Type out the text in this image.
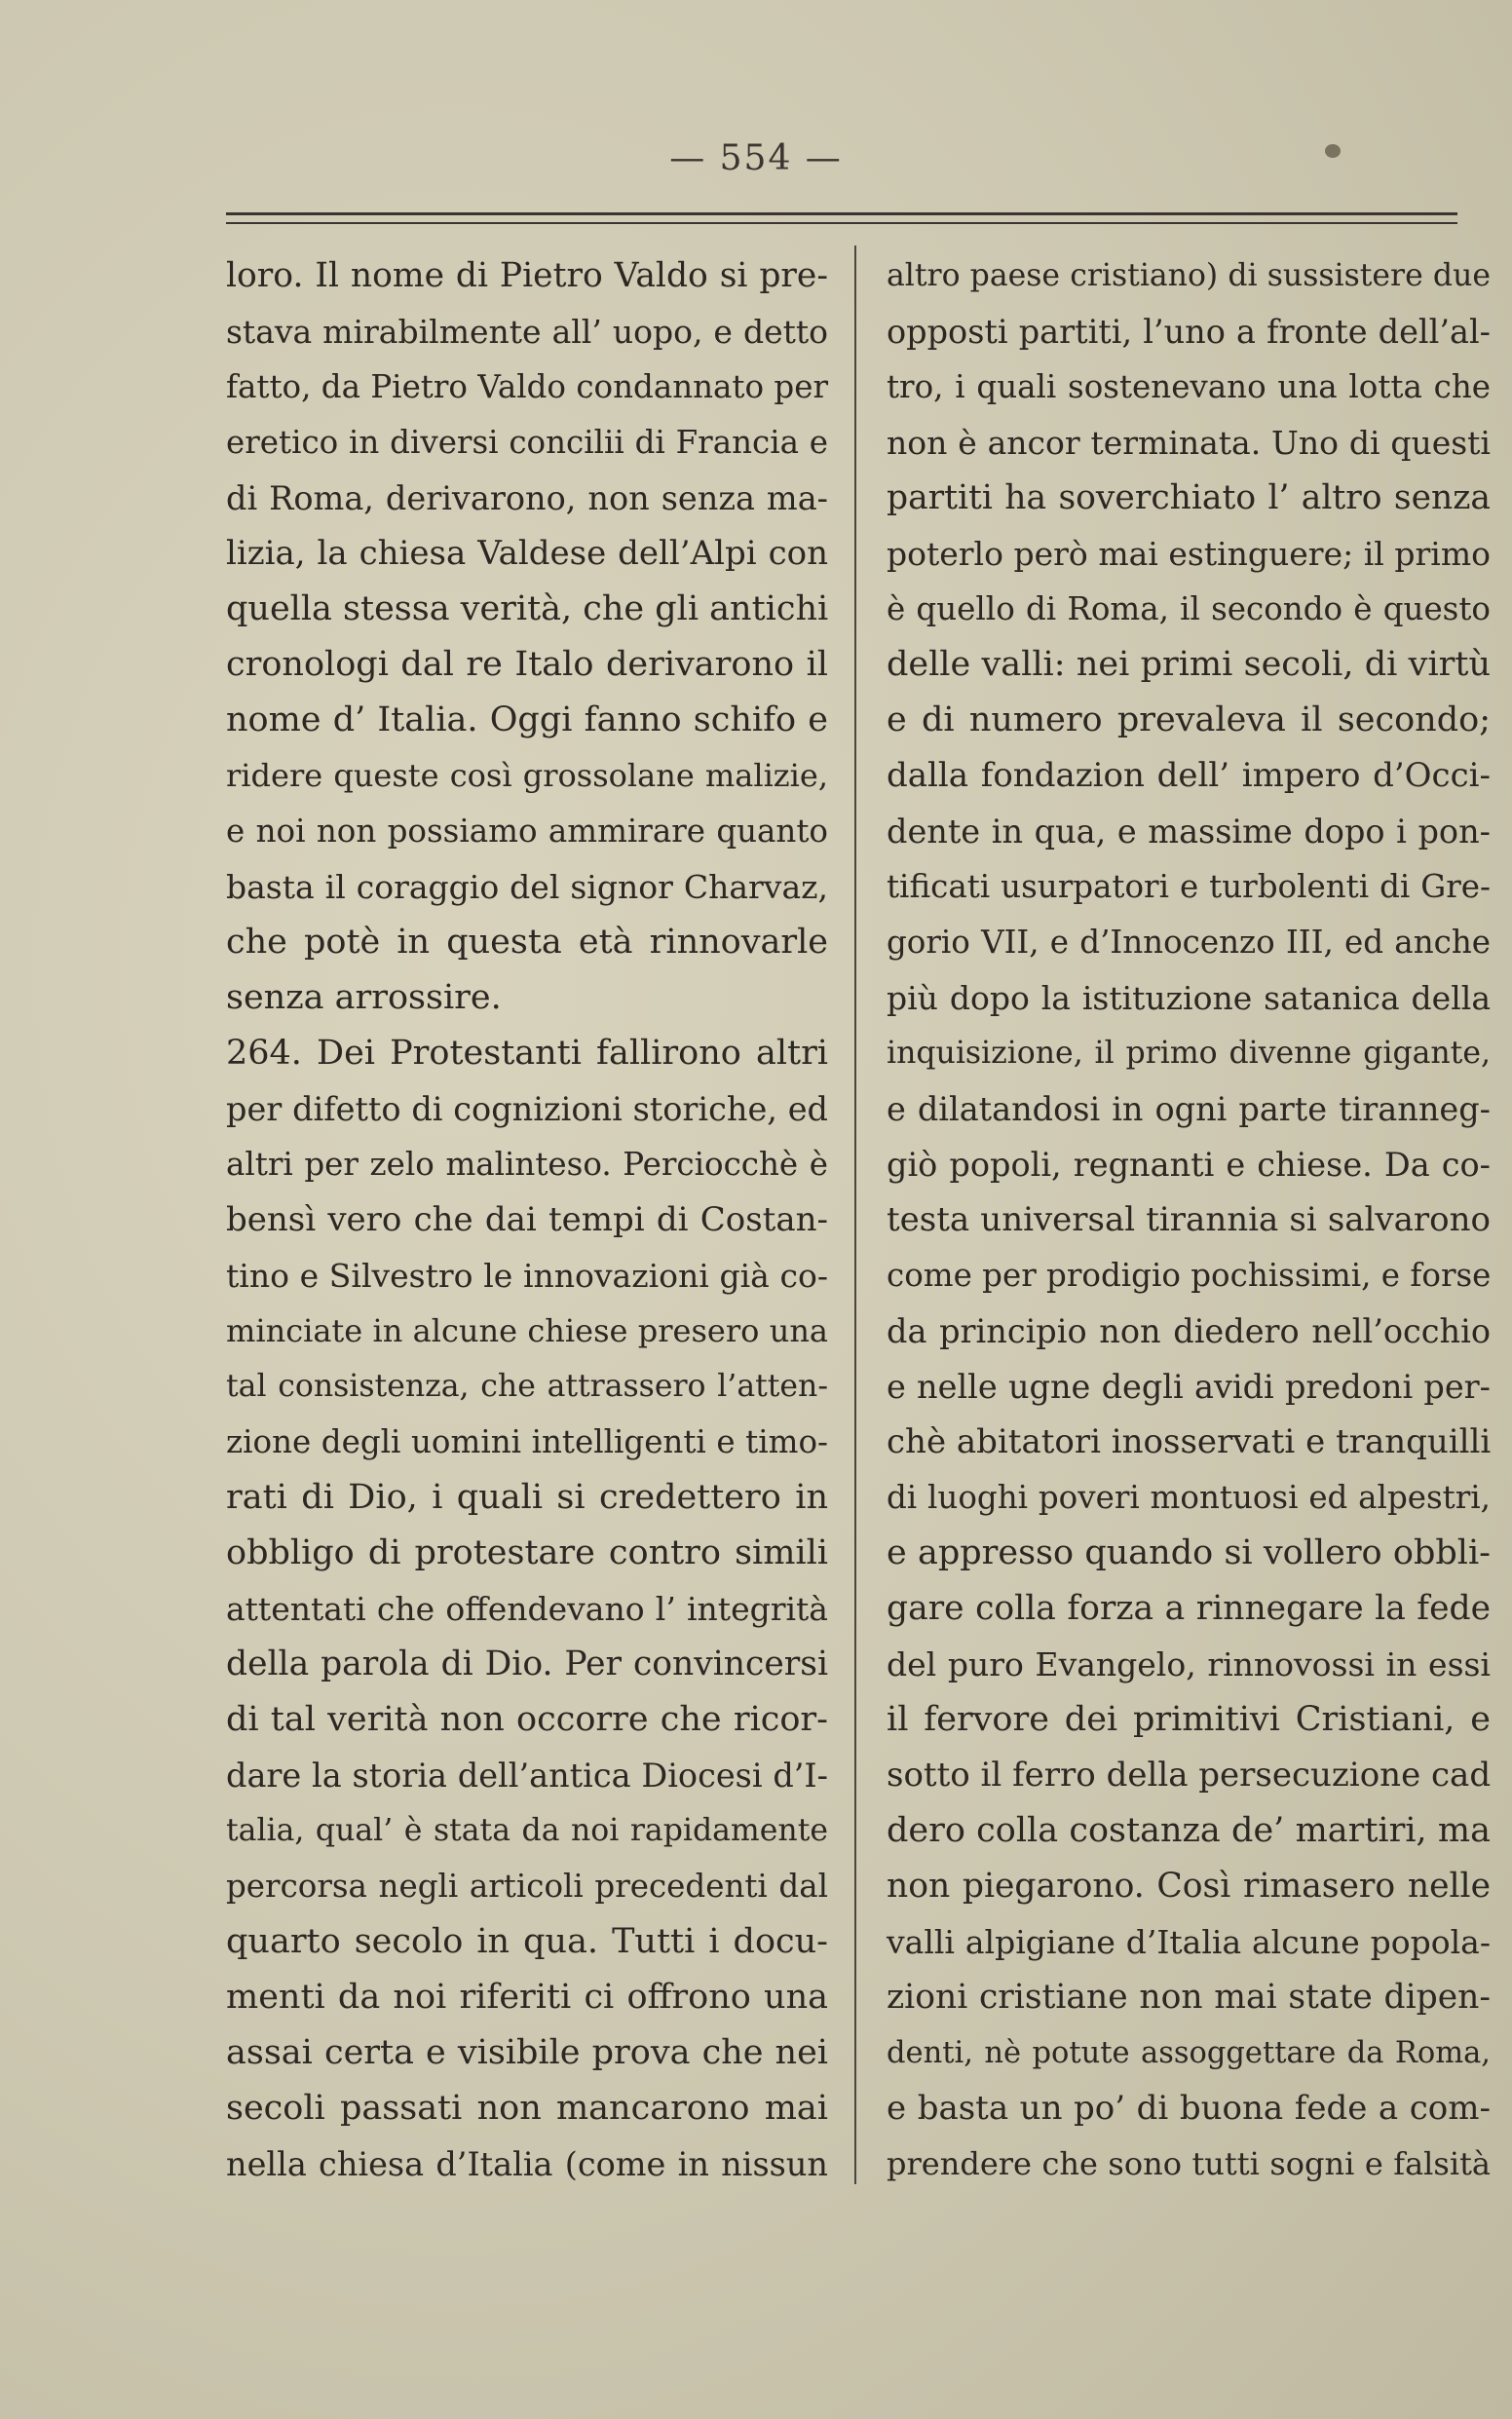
— 554 —
loro. Il nome di Pietro Valdo si pre-
stava mirabilmente all’ uopo, e detto
fatto, da Pietro Valdo condannato per
eretico in diversi concilii di Francia e
di Roma, derivarono, non senza ma-
lizia, la chiesa Valdese dell’Alpi con
quella stessa verità, che gli antichi
cronologi dal re Italo derivarono il
nome d’ Italia. Oggi fanno schifo e
ridere queste così grossolane malizie,
e noi non possiamo ammirare quanto
basta il coraggio del signor Charvaz,
che potè in questa età rinnovarle
senza arrossire.
264. Dei Protestanti fallirono altri
per difetto di cognizioni storiche, ed
altri per zelo malinteso. Perciocchè è
bensì vero che dai tempi di Costan-
tino e Silvestro le innovazioni già co-
minciate in alcune chiese presero una
tal consistenza, che attrassero l’atten-
zione degli uomini intelligenti e timo-
rati di Dio, i quali si credettero in
obbligo di protestare contro simili
attentati che offendevano l’ integrità
della parola di Dio. Per convincersi
di tal verità non occorre che ricor-
dare la storia dell’antica Diocesi d’I-
talia, qual’ è stata da noi rapidamente
percorsa negli articoli precedenti dal
quarto secolo in qua. Tutti i docu-
menti da noi riferiti ci offrono una
assai certa e visibile prova che nei
secoli passati non mancarono mai
nella chiesa d’Italia (come in nissun
altro paese cristiano) di sussistere due
opposti partiti, l’uno a fronte dell’al-
tro, i quali sostenevano una lotta che
non è ancor terminata. Uno di questi
partiti ha soverchiato l’ altro senza
poterlo però mai estinguere; il primo
è quello di Roma, il secondo è questo
delle valli: nei primi secoli, di virtù
e di numero prevaleva il secondo;
dalla fondazion dell’ impero d’Occi-
dente in qua, e massime dopo i pon-
tificati usurpatori e turbolenti di Gre-
gorio VII, e d’Innocenzo III, ed anche
più dopo la istituzione satanica della
inquisizione, il primo divenne gigante,
e dilatandosi in ogni parte tiranneg-
giò popoli, regnanti e chiese. Da co-
testa universal tirannia si salvarono
come per prodigio pochissimi, e forse
da principio non diedero nell’occhio
e nelle ugne degli avidi predoni per-
chè abitatori inosservati e tranquilli
di luoghi poveri montuosi ed alpestri,
e appresso quando si vollero obbli-
gare colla forza a rinnegare la fede
del puro Evangelo, rinnovossi in essi
il fervore dei primitivi Cristiani, e
sotto il ferro della persecuzione cad
dero colla costanza de’ martiri, ma
non piegarono. Così rimasero nelle
valli alpigiane d’Italia alcune popola-
zioni cristiane non mai state dipen-
denti, nè potute assoggettare da Roma,
e basta un po’ di buona fede a com-
prendere che sono tutti sogni e falsità
